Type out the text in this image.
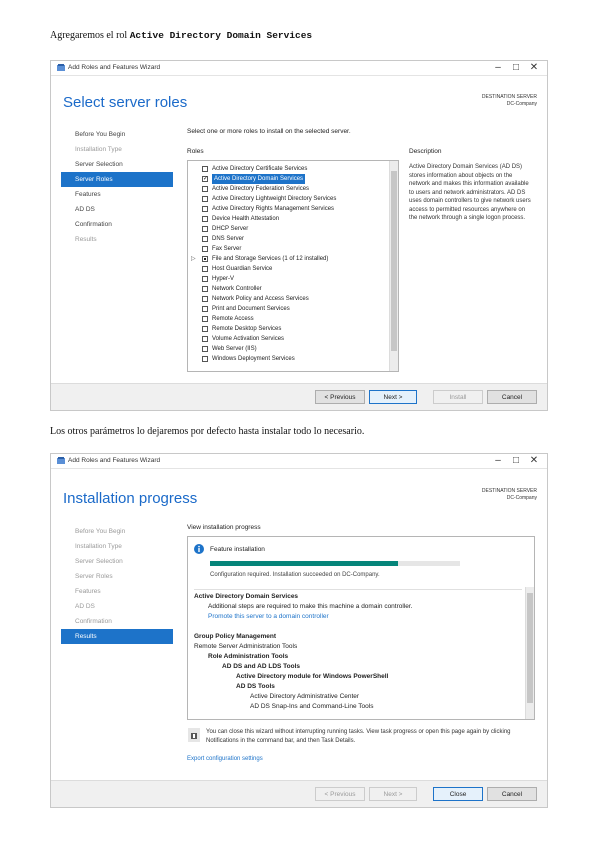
Agregaremos el rol Active Directory Domain Services
Add Roles and Features Wizard	–	□	✕
Select server roles	DESTINATION SERVER
DC-Company
Before You Begin
Installation Type
Server Selection
Server Roles
Features
AD DS
Confirmation
Results
Select one or more roles to install on the selected server.
Roles
Active Directory Certificate Services
✓ Active Directory Domain Services
Active Directory Federation Services
Active Directory Lightweight Directory Services
Active Directory Rights Management Services
Device Health Attestation
DHCP Server
DNS Server
Fax Server
▷	File and Storage Services (1 of 12 installed)
Host Guardian Service
Hyper-V
Network Controller
Network Policy and Access Services
Print and Document Services
Remote Access
Remote Desktop Services
Volume Activation Services
Web Server (IIS)
Windows Deployment Services
Description
Active Directory Domain Services (AD DS) stores information about objects on the network and makes this information available to users and network administrators. AD DS uses domain controllers to give network users access to permitted resources anywhere on the network through a single logon process.
< Previous	Next >	Install	Cancel
Los otros parámetros lo dejaremos por defecto hasta instalar todo lo necesario.
Add Roles and Features Wizard	–	□	✕
Installation progress	DESTINATION SERVER
DC-Company
Before You Begin
Installation Type
Server Selection
Server Roles
Features
AD DS
Confirmation
Results
View installation progress
Feature installation
Configuration required. Installation succeeded on DC-Company.
Active Directory Domain Services
Additional steps are required to make this machine a domain controller.
Promote this server to a domain controller
Group Policy Management
Remote Server Administration Tools
Role Administration Tools
AD DS and AD LDS Tools
Active Directory module for Windows PowerShell
AD DS Tools
Active Directory Administrative Center
AD DS Snap-Ins and Command-Line Tools
You can close this wizard without interrupting running tasks. View task progress or open this page again by clicking Notifications in the command bar, and then Task Details.
Export configuration settings
< Previous	Next >	Close	Cancel
